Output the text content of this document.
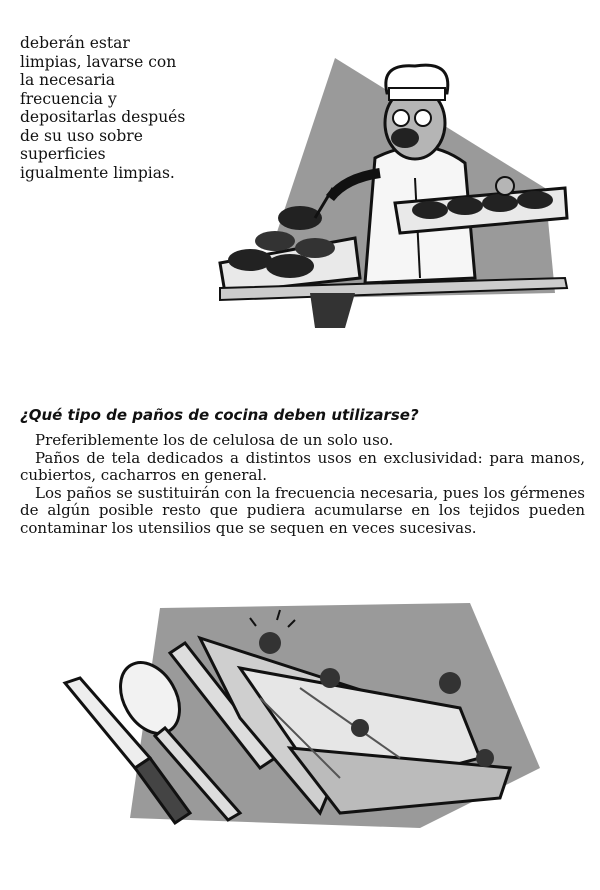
deberán estar
limpias, lavarse con
la necesaria
frecuencia y
depositarlas después
de su uso sobre
superficies
igualmente limpias.
¿Qué tipo de paños de cocina deben utilizarse?

Preferiblemente los de celulosa de un solo uso.

Paños de tela dedicados a distintos usos en exclusividad: para manos, cubiertos, cacharros en general.

Los paños se sustituirán con la frecuencia necesaria, pues los gérmenes de algún posible resto que pudiera acumularse en los tejidos pueden contaminar los utensilios que se sequen en veces sucesivas.
